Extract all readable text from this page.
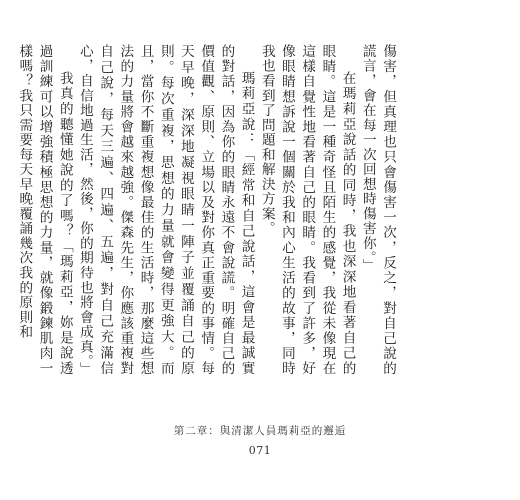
傷害，但真理也只會傷害一次，反之，對自己說的謊言，會在每一次回想時傷害你。」

在瑪莉亞說話的同時，我也深深地看著自己的眼睛。這是一種奇怪且陌生的感覺，我從未像現在這樣自覺性地看著自己的眼睛。我看到了許多，好像眼睛想訴說一個關於我和內心生活的故事，同時我也看到了問題和解決方案。

瑪莉亞說：「經常和自己說話，這會是最誠實的對話，因為你的眼睛永遠不會說謊。明確自己的價值觀、原則、立場以及對你真正重要的事情。每天早晚，深深地凝視眼睛一陣子並覆誦自己的原則。每次重複，思想的力量就會變得更強大。而且，當你不斷重複想像最佳的生活時，那麼這些想法的力量將會越來越強。傑森先生，你應該重複對自己說，每天三遍、四遍、五遍，對自己充滿信心，自信地過生活，然後，你的期待也將會成真。」

我真的聽懂她說的了嗎？「瑪莉亞，妳是說透過訓練可以增強積極思想的力量，就像鍛鍊肌肉一樣嗎？我只需要每天早晚覆誦幾次我的原則和

第二章：與清潔人員瑪莉亞的邂逅
071
